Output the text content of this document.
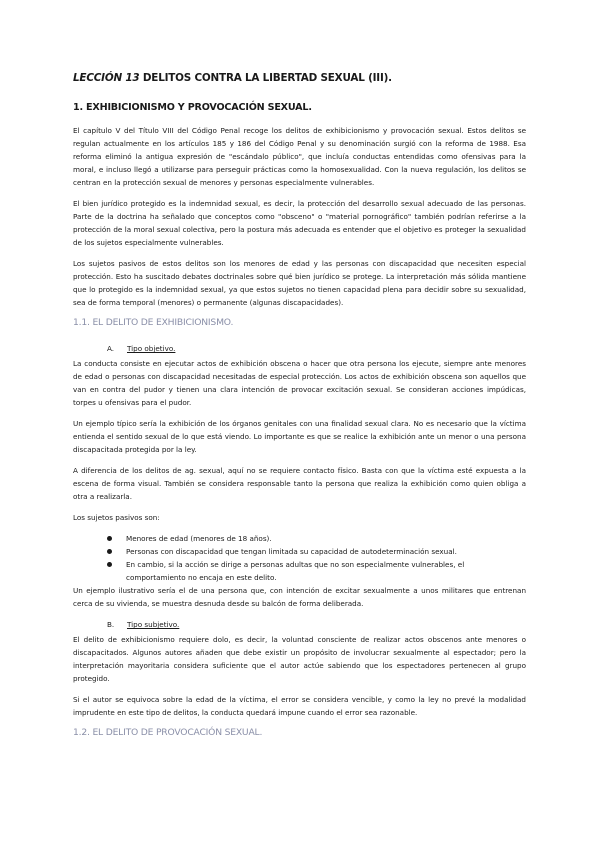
LECCIÓN 13 DELITOS CONTRA LA LIBERTAD SEXUAL (III).
1. EXHIBICIONISMO Y PROVOCACIÓN SEXUAL.

El capítulo V del Título VIII del Código Penal recoge los delitos de exhibicionismo y provocación sexual. Estos delitos se regulan actualmente en los artículos 185 y 186 del Código Penal y su denominación surgió con la reforma de 1988. Esa reforma eliminó la antigua expresión de "escándalo público", que incluía conductas entendidas como ofensivas para la moral, e incluso llegó a utilizarse para perseguir prácticas como la homosexualidad. Con la nueva regulación, los delitos se centran en la protección sexual de menores y personas especialmente vulnerables.

El bien jurídico protegido es la indemnidad sexual, es decir, la protección del desarrollo sexual adecuado de las personas. Parte de la doctrina ha señalado que conceptos como "obsceno" o "material pornográfico" también podrían referirse a la protección de la moral sexual colectiva, pero la postura más adecuada es entender que el objetivo es proteger la sexualidad de los sujetos especialmente vulnerables.

Los sujetos pasivos de estos delitos son los menores de edad y las personas con discapacidad que necesiten especial protección. Esto ha suscitado debates doctrinales sobre qué bien jurídico se protege. La interpretación más sólida mantiene que lo protegido es la indemnidad sexual, ya que estos sujetos no tienen capacidad plena para decidir sobre su sexualidad, sea de forma temporal (menores) o permanente (algunas discapacidades).

1.1. EL DELITO DE EXHIBICIONISMO.
A. Tipo objetivo.

La conducta consiste en ejecutar actos de exhibición obscena o hacer que otra persona los ejecute, siempre ante menores de edad o personas con discapacidad necesitadas de especial protección. Los actos de exhibición obscena son aquellos que van en contra del pudor y tienen una clara intención de provocar excitación sexual. Se consideran acciones impúdicas, torpes u ofensivas para el pudor.

Un ejemplo típico sería la exhibición de los órganos genitales con una finalidad sexual clara. No es necesario que la víctima entienda el sentido sexual de lo que está viendo. Lo importante es que se realice la exhibición ante un menor o una persona discapacitada protegida por la ley.

A diferencia de los delitos de ag. sexual, aquí no se requiere contacto físico. Basta con que la víctima esté expuesta a la escena de forma visual. También se considera responsable tanto la persona que realiza la exhibición como quien obliga a otra a realizarla.

Los sujetos pasivos son:

Menores de edad (menores de 18 años).
Personas con discapacidad que tengan limitada su capacidad de autodeterminación sexual.
En cambio, si la acción se dirige a personas adultas que no son especialmente vulnerables, el comportamiento no encaja en este delito.

Un ejemplo ilustrativo sería el de una persona que, con intención de excitar sexualmente a unos militares que entrenan cerca de su vivienda, se muestra desnuda desde su balcón de forma deliberada.

B. Tipo subjetivo.

El delito de exhibicionismo requiere dolo, es decir, la voluntad consciente de realizar actos obscenos ante menores o discapacitados. Algunos autores añaden que debe existir un propósito de involucrar sexualmente al espectador; pero la interpretación mayoritaria considera suficiente que el autor actúe sabiendo que los espectadores pertenecen al grupo protegido.

Si el autor se equivoca sobre la edad de la víctima, el error se considera vencible, y como la ley no prevé la modalidad imprudente en este tipo de delitos, la conducta quedará impune cuando el error sea razonable.

1.2. EL DELITO DE PROVOCACIÓN SEXUAL.
